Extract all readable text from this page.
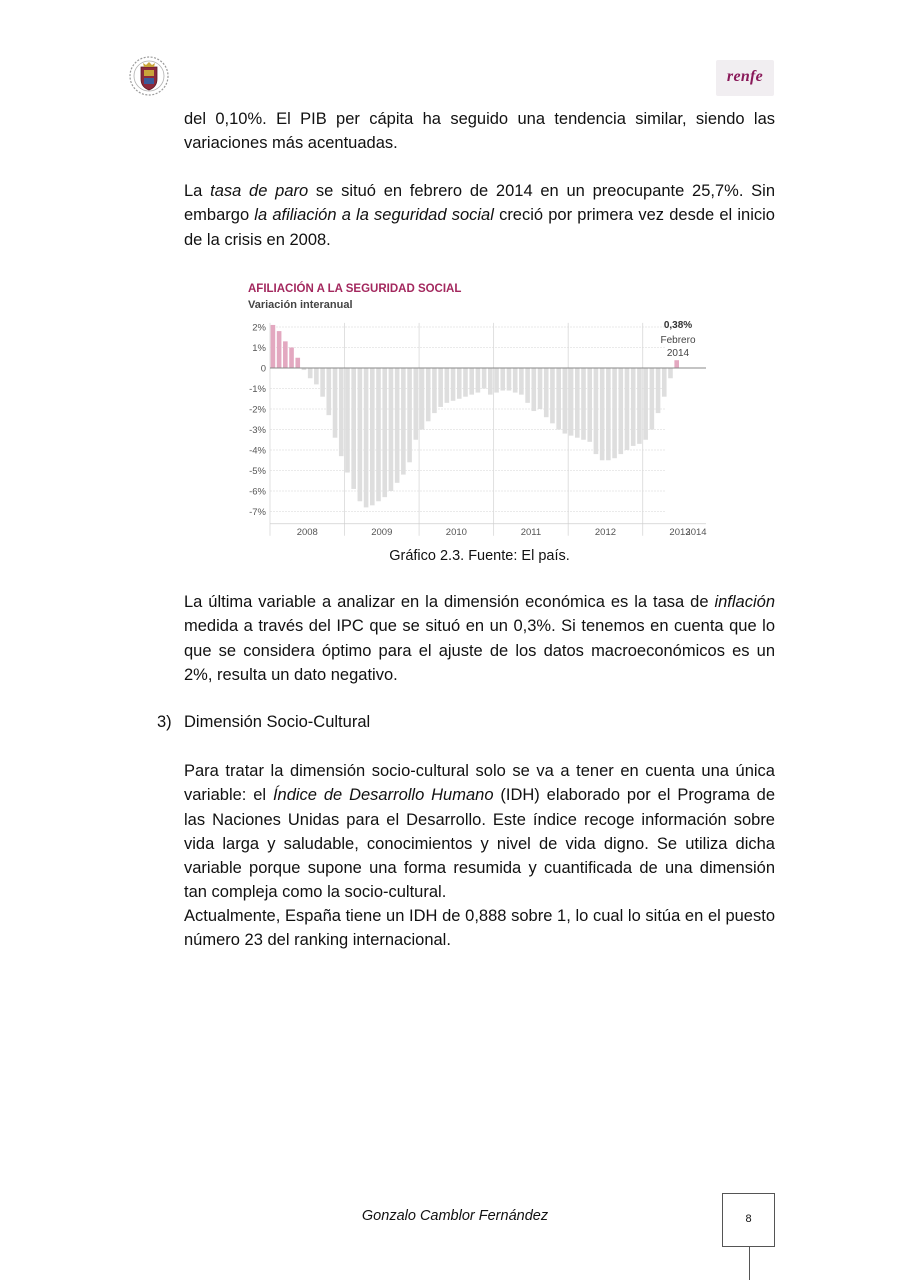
renfe

del 0,10%. El PIB per cápita ha seguido una tendencia similar, siendo las variaciones más acentuadas.

La tasa de paro se situó en febrero de 2014 en un preocupante 25,7%. Sin embargo la afiliación a la seguridad social creció por primera vez desde el inicio de la crisis en 2008.

AFILIACIÓN A LA SEGURIDAD SOCIAL
Variación interanual
2%
1%
0
-1%
-2%
-3%
-4%
-5%
-6%
-7%
2008	2009	2010	2011	2012	2013
2014
0,38%
Febrero
2014

Gráfico 2.3. Fuente: El país.

La última variable a analizar en la dimensión económica es la tasa de inflación medida a través del IPC que se situó en un 0,3%. Si tenemos en cuenta que lo que se considera óptimo para el ajuste de los datos macroeconómicos es un 2%, resulta un dato negativo.

3) Dimensión Socio-Cultural

Para tratar la dimensión socio-cultural solo se va a tener en cuenta una única variable: el Índice de Desarrollo Humano (IDH) elaborado por el Programa de las Naciones Unidas para el Desarrollo. Este índice recoge información sobre vida larga y saludable, conocimientos y nivel de vida digno. Se utiliza dicha variable porque supone una forma resumida y cuantificada de una dimensión tan compleja como la socio-cultural.

Actualmente, España tiene un IDH de 0,888 sobre 1, lo cual lo sitúa en el puesto número 23 del ranking internacional.

Gonzalo Camblor Fernández	8
